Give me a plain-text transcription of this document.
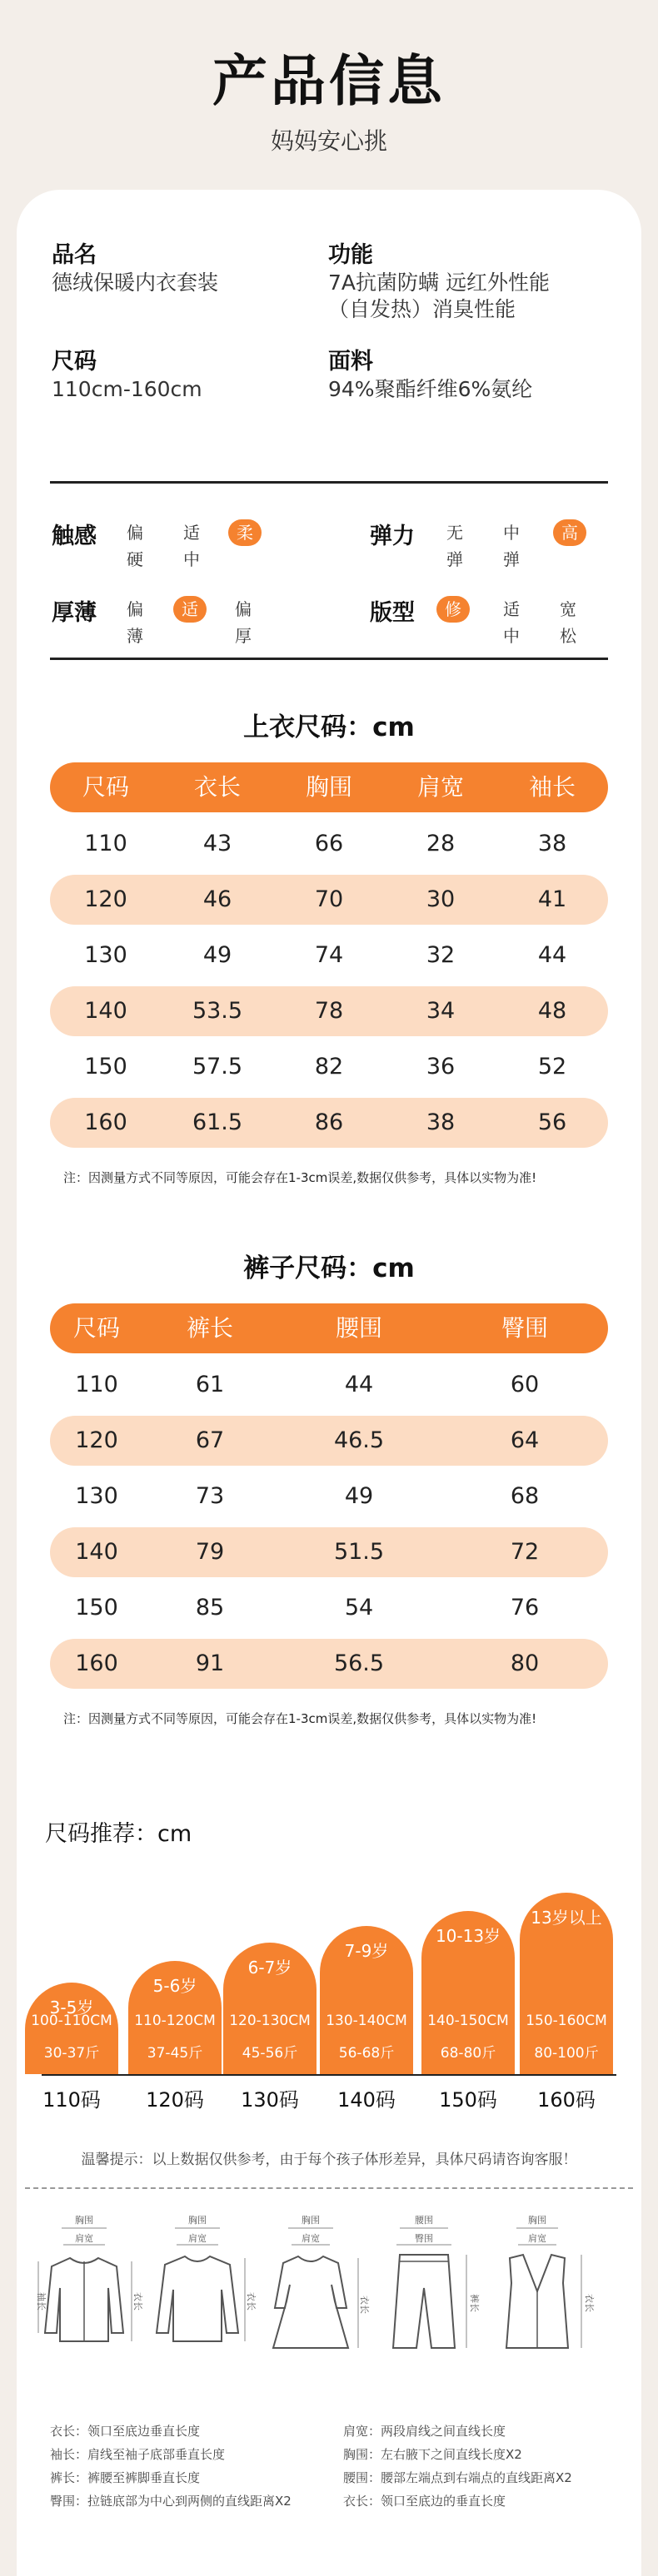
产品信息
妈妈安心挑
品名
德绒保暖内衣套装
功能
7A抗菌防螨 远红外性能
（自发热）消臭性能
尺码
110cm-160cm
面料
94%聚酯纤维6%氨纶
触感	偏硬
适中
柔软
弹力	无弹
中弹
高弹
厚薄	偏薄
适中
偏厚
版型	修身
适中
宽松
上衣尺码：cm
尺码	衣长	胸围	肩宽	袖长
110	43	66	28	38
120	46	70	30	41
130	49	74	32	44
140	53.5	78	34	48
150	57.5	82	36	52
160	61.5	86	38	56
注：因测量方式不同等原因，可能会存在1-3cm误差,数据仅供参考，具体以实物为准!
裤子尺码：cm
尺码	裤长	腰围	臀围
110	61	44	60
120	67	46.5	64
130	73	49	68
140	79	51.5	72
150	85	54	76
160	91	56.5	80
注：因测量方式不同等原因，可能会存在1-3cm误差,数据仅供参考，具体以实物为准!
尺码推荐：cm
3-5岁
100-110CM
30-37斤
110码
5-6岁
110-120CM
37-45斤
120码
6-7岁
120-130CM
45-56斤
130码
7-9岁
130-140CM
56-68斤
140码
10-13岁
140-150CM
68-80斤
150码
13岁以上
150-160CM
80-100斤
160码
温馨提示：以上数据仅供参考，由于每个孩子体形差异，具体尺码请咨询客服！
胸围
肩宽
袖长	衣长
胸围
肩宽
衣长
胸围
肩宽
衣长
腰围
臀围
裤长
胸围
肩宽
衣长
衣长：领口至底边垂直长度	肩宽：两段肩线之间直线长度
袖长：肩线至袖子底部垂直长度	胸围：左右腋下之间直线长度X2
裤长：裤腰至裤脚垂直长度	腰围：腰部左端点到右端点的直线距离X2
臀围：拉链底部为中心到两侧的直线距离X2	衣长：领口至底边的垂直长度
